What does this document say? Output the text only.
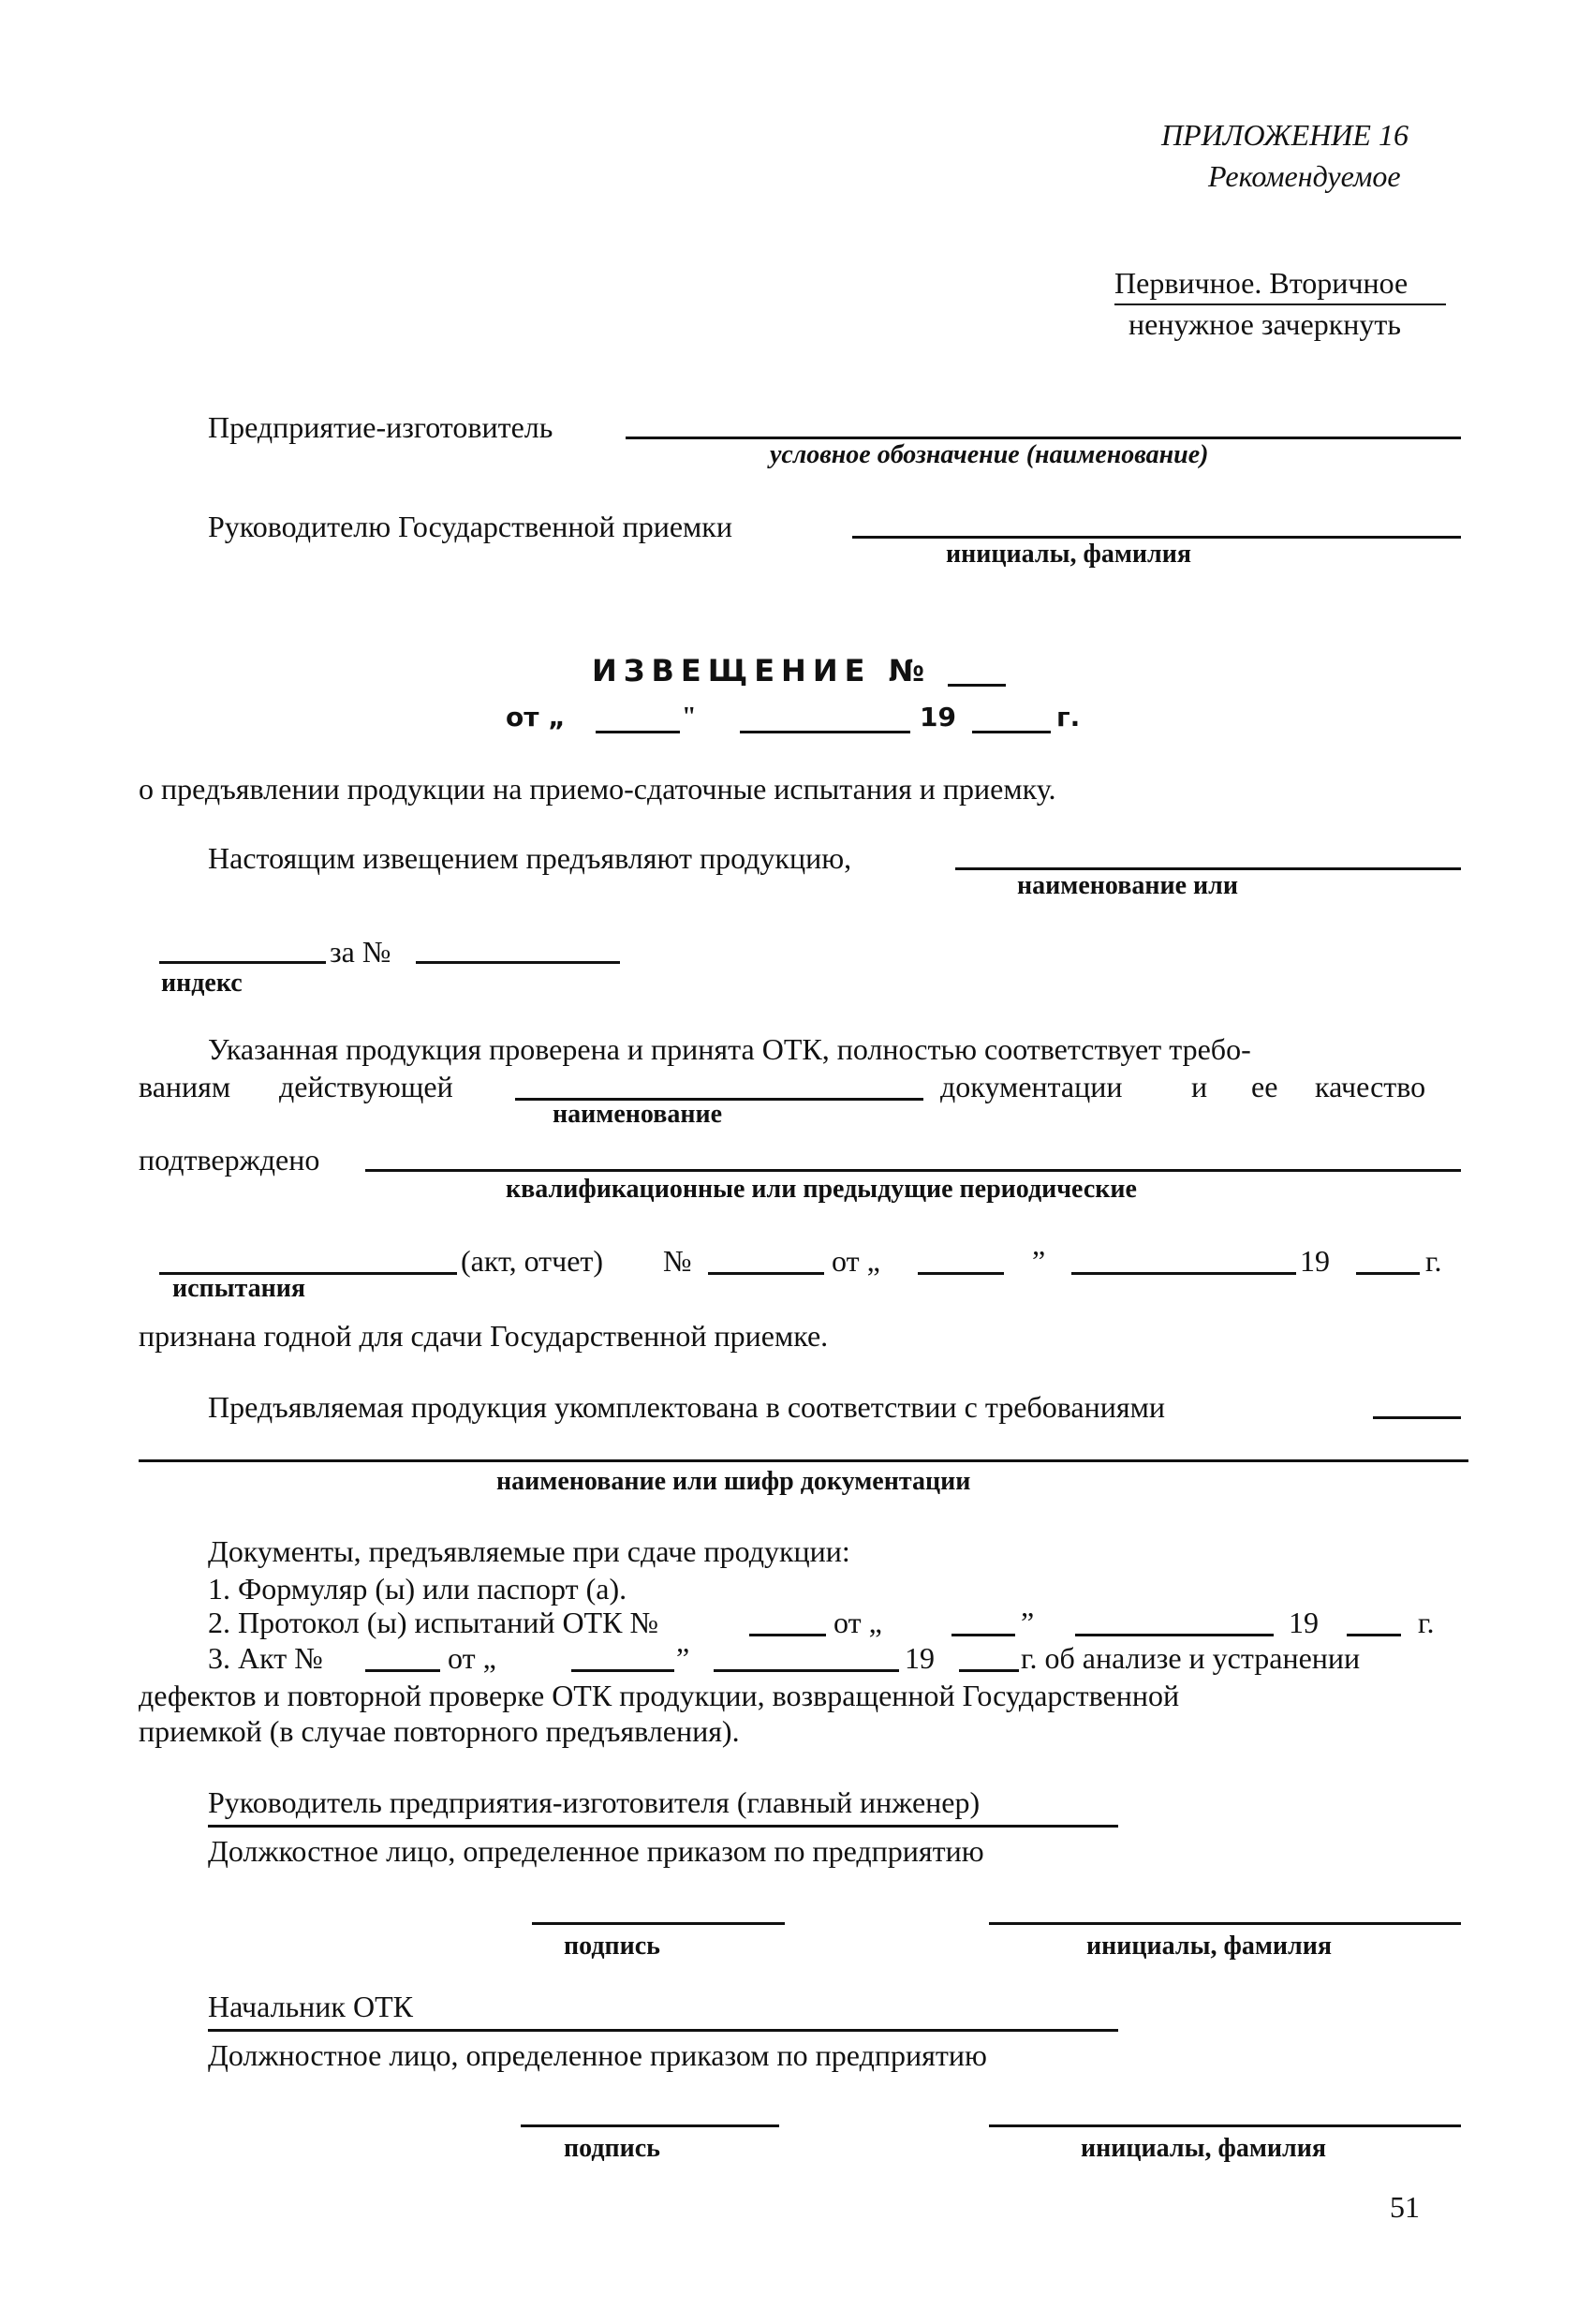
ПРИЛОЖЕНИЕ 16
Рекомендуемое
Первичное. Вторичное
ненужное зачеркнуть
Предприятие-изготовитель
условное обозначение (наименование)
Руководителю Государственной приемки
инициалы, фамилия
ИЗВЕЩЕНИЕ №
от „	"	19	г.
о предъявлении продукции на приемо-сдаточные испытания и приемку.
Настоящим извещением предъявляют продукцию,
наименование или
за №
индекс
Указанная продукция проверена и принята ОТК, полностью соответствует требо-
ваниям действующей	документации и ее качество
наименование
подтверждено
квалификационные или предыдущие периодические
(акт, отчет) №	от „	”	19	г.
испытания
признана годной для сдачи Государственной приемке.
Предъявляемая продукция укомплектована в соответствии с требованиями
наименование или шифр документации
Документы, предъявляемые при сдаче продукции:
1. Формуляр (ы) или паспорт (а).
2. Протокол (ы) испытаний ОТК №	от „	”	19	г.
3. Акт №	от „	”	19	г. об анализе и устранении
дефектов и повторной проверке ОТК продукции, возвращенной Государственной
приемкой (в случае повторного предъявления).
Руководитель предприятия-изготовителя (главный инженер)
Должкостное лицо, определенное приказом по предприятию
подпись	инициалы, фамилия
Начальник ОТК
Должностное лицо, определенное приказом по предприятию
подпись	инициалы, фамилия
51
